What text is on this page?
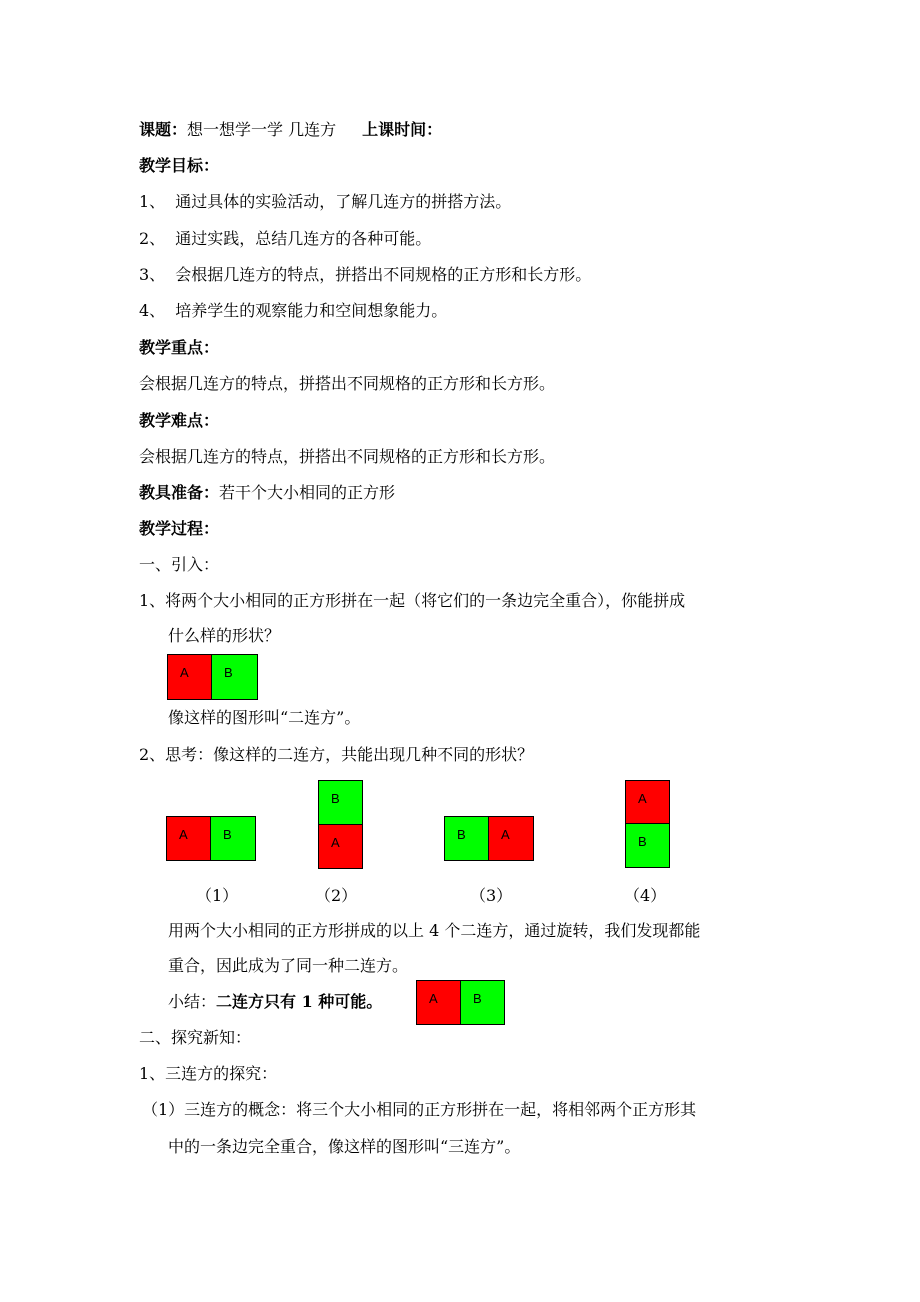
课题：想一想学一学 几连方 上课时间：
教学目标：
1、 通过具体的实验活动，了解几连方的拼搭方法。
2、 通过实践，总结几连方的各种可能。
3、 会根据几连方的特点，拼搭出不同规格的正方形和长方形。
4、 培养学生的观察能力和空间想象能力。
教学重点：
会根据几连方的特点，拼搭出不同规格的正方形和长方形。
教学难点：
会根据几连方的特点，拼搭出不同规格的正方形和长方形。
教具准备：若干个大小相同的正方形
教学过程：
一、引入：
1、将两个大小相同的正方形拼在一起（将它们的一条边完全重合），你能拼成
什么样的形状？
A	B
像这样的图形叫“二连方”。
2、思考：像这样的二连方，共能出现几种不同的形状？
A	B
B
A
B	A
A
B
（1）	（2）	（3）	（4）
用两个大小相同的正方形拼成的以上 4 个二连方，通过旋转，我们发现都能
重合，因此成为了同一种二连方。
小结：二连方只有 1 种可能。	A	B
二、探究新知：
1、三连方的探究：
（1）三连方的概念：将三个大小相同的正方形拼在一起，将相邻两个正方形其
中的一条边完全重合，像这样的图形叫“三连方”。
